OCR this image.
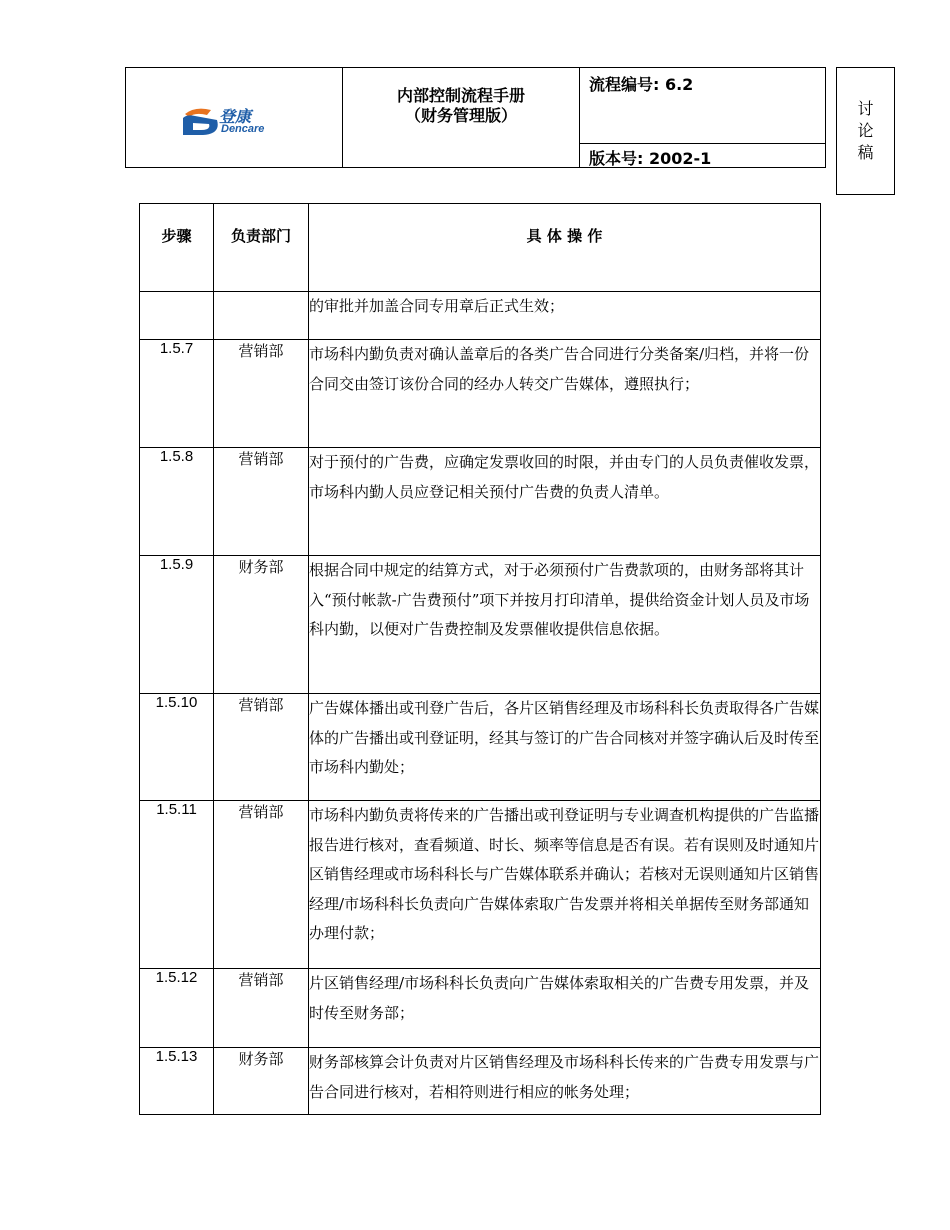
登康
Dencare
内部控制流程手册
（财务管理版）
流程编号: 6.2
版本号: 2002-1
讨
论
稿
步骤	负责部门	具 体 操 作
		的审批并加盖合同专用章后正式生效；
1.5.7	营销部	市场科内勤负责对确认盖章后的各类广告合同进行分类备案/归档，并将一份合同交由签订该份合同的经办人转交广告媒体，遵照执行；
1.5.8	营销部	对于预付的广告费，应确定发票收回的时限，并由专门的人员负责催收发票，市场科内勤人员应登记相关预付广告费的负责人清单。
1.5.9	财务部	根据合同中规定的结算方式，对于必须预付广告费款项的，由财务部将其计入“预付帐款-广告费预付”项下并按月打印清单，提供给资金计划人员及市场科内勤，以便对广告费控制及发票催收提供信息依据。
1.5.10	营销部	广告媒体播出或刊登广告后，各片区销售经理及市场科科长负责取得各广告媒体的广告播出或刊登证明，经其与签订的广告合同核对并签字确认后及时传至市场科内勤处；
1.5.11	营销部	市场科内勤负责将传来的广告播出或刊登证明与专业调查机构提供的广告监播报告进行核对，查看频道、时长、频率等信息是否有误。若有误则及时通知片区销售经理或市场科科长与广告媒体联系并确认；若核对无误则通知片区销售经理/市场科科长负责向广告媒体索取广告发票并将相关单据传至财务部通知办理付款；
1.5.12	营销部	片区销售经理/市场科科长负责向广告媒体索取相关的广告费专用发票，并及时传至财务部；
1.5.13	财务部	财务部核算会计负责对片区销售经理及市场科科长传来的广告费专用发票与广告合同进行核对，若相符则进行相应的帐务处理；
